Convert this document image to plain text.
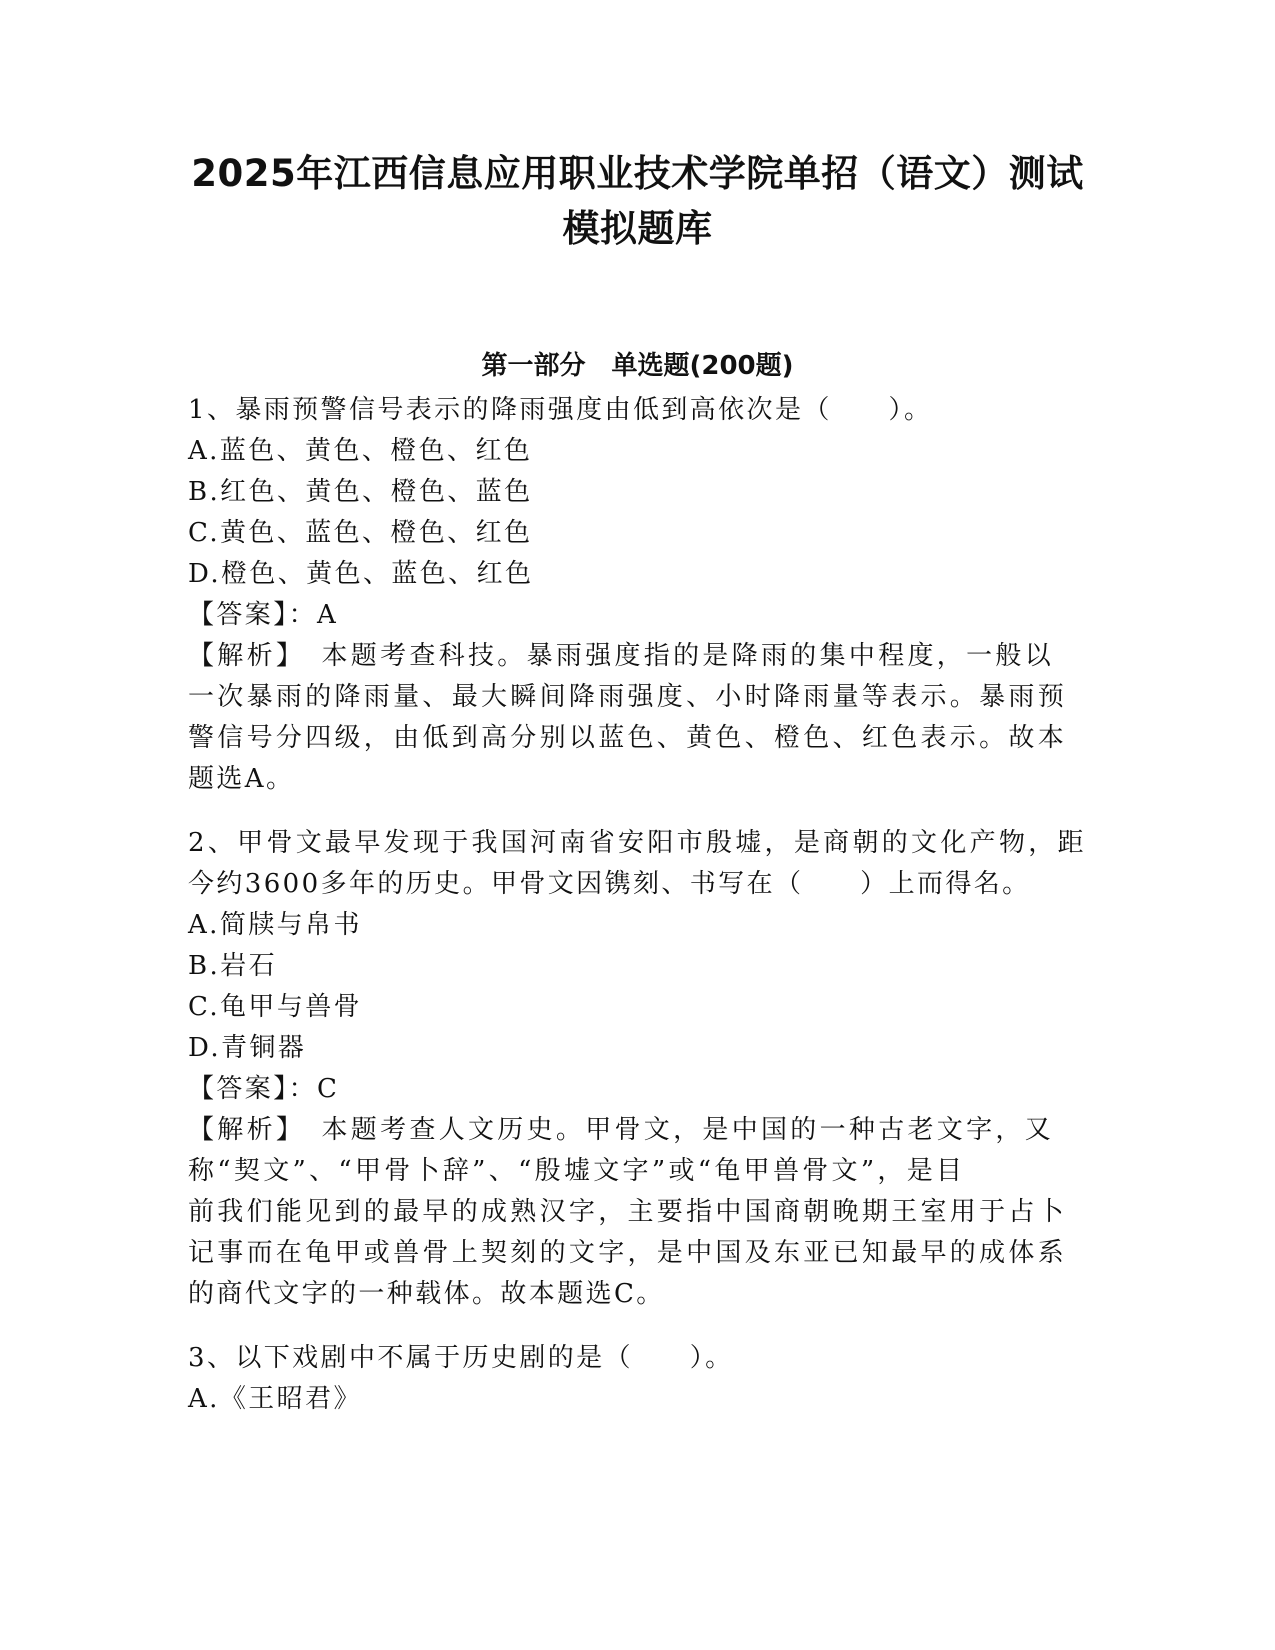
2025年江西信息应用职业技术学院单招（语文）测试
模拟题库
第一部分　单选题(200题)
1、暴雨预警信号表示的降雨强度由低到高依次是（　　）。
A.蓝色、黄色、橙色、红色
B.红色、黄色、橙色、蓝色
C.黄色、蓝色、橙色、红色
D.橙色、黄色、蓝色、红色
【答案】：A
【解析】　本题考查科技。暴雨强度指的是降雨的集中程度，一般以
一次暴雨的降雨量、最大瞬间降雨强度、小时降雨量等表示。暴雨预
警信号分四级，由低到高分别以蓝色、黄色、橙色、红色表示。故本
题选A。
2、甲骨文最早发现于我国河南省安阳市殷墟，是商朝的文化产物，距
今约3600多年的历史。甲骨文因镌刻、书写在（　　）上而得名。
A.简牍与帛书
B.岩石
C.龟甲与兽骨
D.青铜器
【答案】：C
【解析】　本题考查人文历史。甲骨文，是中国的一种古老文字，又
称“契文”、“甲骨卜辞”、“殷墟文字”或“龟甲兽骨文”，是目
前我们能见到的最早的成熟汉字，主要指中国商朝晚期王室用于占卜
记事而在龟甲或兽骨上契刻的文字，是中国及东亚已知最早的成体系
的商代文字的一种载体。故本题选C。
3、以下戏剧中不属于历史剧的是（　　）。
A.《王昭君》
